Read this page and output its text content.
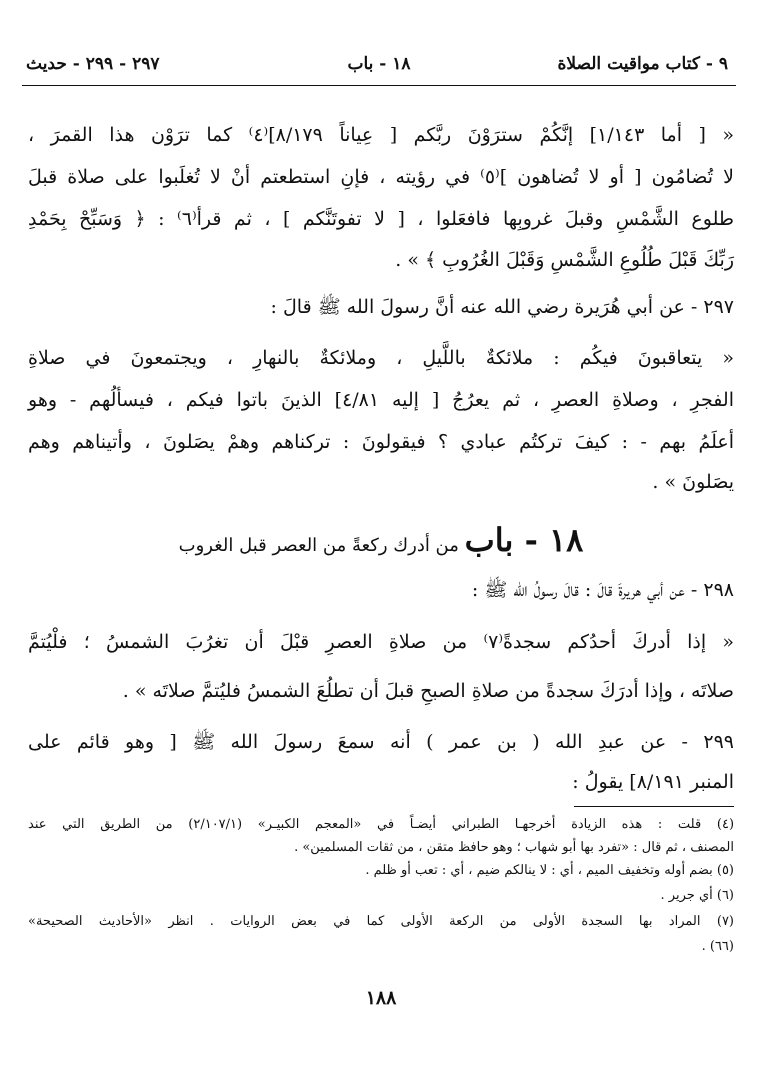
٩ - كتاب مواقيت الصلاة
١٨ - باب
٢٩٧ - ٢٩٩ - حديث
« [ أما ١/١٤٣] إنَّكُمْ سترَوْنَ ربَّكم [ عِياناً ٨/١٧٩]⁽٤⁾ كما ترَوْن هذا القمرَ ،
لا تُضامُون [ أو لا تُضاهون ]⁽٥⁾ في رؤيته ، فإنِ استطعتم أنْ لا تُغلَبوا على صلاة قبلَ
طلوع الشَّمْسِ وقبلَ غروبِها فافعَلوا ، [ لا تفوتَنَّكم ] ، ثم قرأ⁽٦⁾ : ﴿ وَسَبِّحْ بِحَمْدِ
رَبِّكَ قَبْلَ طُلُوعِ الشَّمْسِ وَقَبْلَ الغُرُوبِ ﴾ » .
٢٩٧ - عن أبي هُرَيرة رضي الله عنه أنَّ رسولَ الله ﷺ قالَ :
« يتعاقبونَ فيكُم : ملائكةٌ باللَّيلِ ، وملائكةٌ بالنهارِ ، ويجتمعونَ في صلاةِ
الفجرِ ، وصلاةِ العصرِ ، ثم يعرُجُ [ إليه ٤/٨١] الذينَ باتوا فيكم ، فيسألُهم - وهو
أعلَمُ بهم - : كيفَ تركتُم عبادي ؟ فيقولونَ : تركناهم وهمْ يصَلونَ ، وأتيناهم وهم
يصَلونَ » .
١٨ - باب من أدرك ركعةً من العصر قبل الغروب
٢٩٨ - عن أبي هريرةَ قالَ : قالَ رسولُ الله ﷺ :
« إذا أدركَ أحدُكم سجدةً⁽٧⁾ من صلاةِ العصرِ قبْلَ أن تغرُبَ الشمسُ ؛ فلْيُتمَّ
صلاتَه ، وإذا أدرَكَ سجدةً من صلاةِ الصبحِ قبلَ أن تطلُعَ الشمسُ فليُتمَّ صلاتَه » .
٢٩٩ - عن عبدِ الله ( بن عمر ) أنه سمعَ رسولَ الله ﷺ [ وهو قائم على
المنبر ٨/١٩١] يقولُ :
(٤) قلت : هذه الزيادة أخرجهـا الطبراني أيضـاً في «المعجم الكبيـر» (٢/١٠٧/١) من الطريق التي عند
المصنف ، ثم قال : «تفرد بها أبو شهاب ؛ وهو حافظ متقن ، من ثقات المسلمين» .
(٥) بضم أوله وتخفيف الميم ، أي : لا ينالكم ضيم ، أي : تعب أو ظلم .
(٦) أي جرير .
(٧) المراد بها السجدة الأولى من الركعة الأولى كما في بعض الروايات . انظر «الأحاديث الصحيحة»
(٦٦) .
١٨٨
